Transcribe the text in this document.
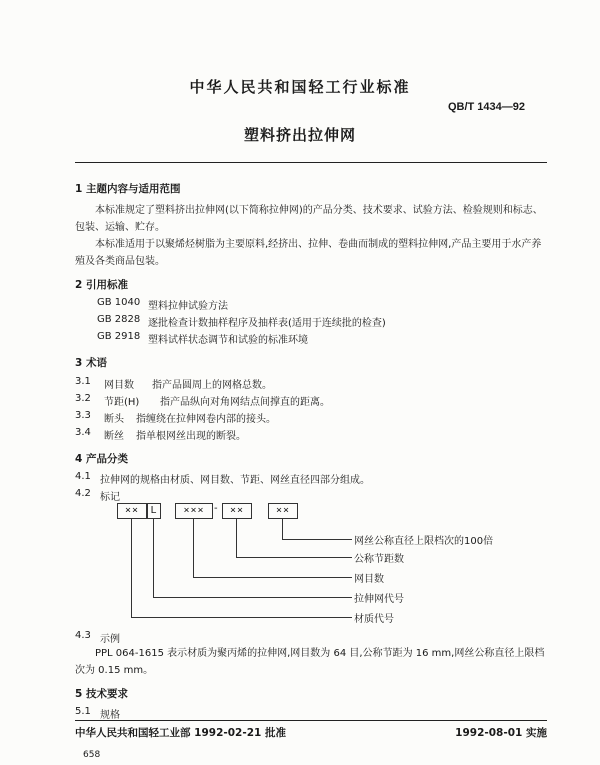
中华人民共和国轻工行业标准
QB/T 1434—92
塑料挤出拉伸网
1 主题内容与适用范围
本标准规定了塑料挤出拉伸网(以下简称拉伸网)的产品分类、技术要求、试验方法、检验规则和标志、包装、运输、贮存。
本标准适用于以聚烯烃树脂为主要原料,经挤出、拉伸、卷曲而制成的塑料拉伸网,产品主要用于水产养殖及各类商品包装。
2 引用标准
GB 1040 塑料拉伸试验方法
GB 2828 逐批检查计数抽样程序及抽样表(适用于连续批的检查)
GB 2918 塑料试样状态调节和试验的标准环境
3 术语
3.1 网目数 指产品圆周上的网格总数。
3.2 节距(H) 指产品纵向对角网结点间撑直的距离。
3.3 断头 指缠绕在拉伸网卷内部的接头。
3.4 断丝 指单根网丝出现的断裂。
4 产品分类
4.1 拉伸网的规格由材质、网目数、节距、网丝直径四部分组成。
4.2 标记
××	L	××× -	××	××
网丝公称直径上限档次的100倍
公称节距数
网目数
拉伸网代号
材质代号
4.3 示例
PPL 064-1615 表示材质为聚丙烯的拉伸网,网目数为 64 目,公称节距为 16 mm,网丝公称直径上限档次为 0.15 mm。
5 技术要求
5.1 规格
中华人民共和国轻工业部 1992-02-21 批准	1992-08-01 实施
658
